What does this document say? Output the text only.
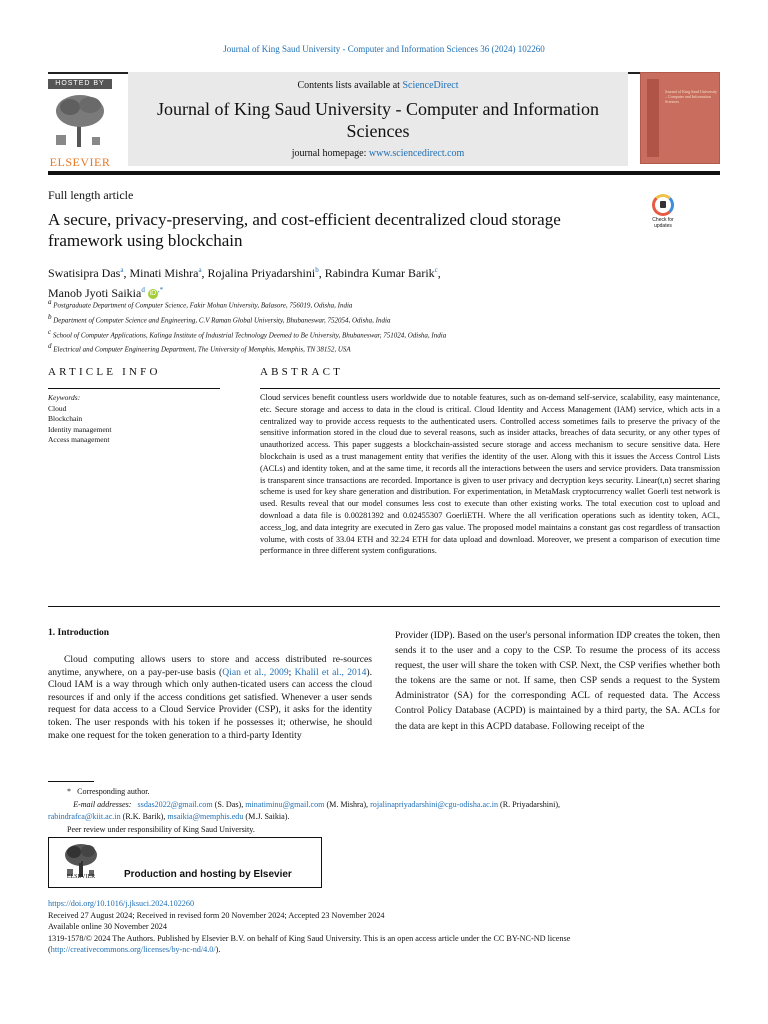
Journal of King Saud University - Computer and Information Sciences 36 (2024) 102260
HOSTED BY
ELSEVIER
Contents lists available at ScienceDirect
Journal of King Saud University - Computer and Information Sciences
journal homepage: www.sciencedirect.com
Journal of King Saud University – Computer and Information Sciences
Full length article
A secure, privacy-preserving, and cost-efficient decentralized cloud storage framework using blockchain
Check for updates
Swatisipra Das$^a$, Minati Mishra$^a$, Rojalina Priyadarshini$^b$, Rabindra Kumar Barik$^c$,
Manob Jyoti Saikia$^d$ iD ,*
$^a$ Postgraduate Department of Computer Science, Fakir Mohan University, Balasore, 756019, Odisha, India
$^b$ Department of Computer Science and Engineering, C.V Raman Global University, Bhubaneswar, 752054, Odisha, India
$^c$ School of Computer Applications, Kalinga Institute of Industrial Technology Deemed to Be University, Bhubaneswar, 751024, Odisha, India
$^d$ Electrical and Computer Engineering Department, The University of Memphis, Memphis, TN 38152, USA
ARTICLE INFO	ABSTRACT
Keywords:
Cloud
Blockchain
Identity management
Access management
Cloud services benefit countless users worldwide due to notable features, such as on-demand self-service, scalability, easy maintenance, etc. Secure storage and access to data in the cloud is critical. Cloud Identity and Access Management (IAM) service, which acts in a centralized way to provide access requests to the authenticated users. Controlled access sometimes fails to preserve the privacy of the sensitive information stored in the cloud due to several reasons, such as insider attacks, breaches of data security, or any other types of unauthorized access. This paper suggests a blockchain-assisted secure storage and access mechanism to secure sensitive data. Here blockchain is used as a trust management entity that verifies the identity of the user. Along with this it issues the Access Control Lists (ACLs) and identity token, and at the same time, it records all the interactions between the users and service providers. Data transmission is transparent since transactions are recorded. Importance is given to user privacy and decryption keys security. Linear(t,n) secret sharing scheme is used for key share generation and distribution. For experimentation, in MetaMask cryptocurrency wallet Goerli test network is used. Results reveal that our model consumes less cost to execute than other existing works. The total execution cost to upload and download a data file is 0.00281392 and 0.02455307 GoerliETH. Where the all verification operations such as identity token, ACL, access_log, and data integrity are executed in Zero gas value. The proposed model maintains a constant gas cost regardless of transaction volume, with costs of 33.04 ETH and 32.24 ETH for data upload and download. Moreover, we present a comparison of execution time performance in three different system configurations.
1. Introduction

Cloud computing allows users to store and access distributed re-sources anytime, anywhere, on a pay-per-use basis (Qian et al., 2009; Khalil et al., 2014). Cloud IAM is a way through which only authen-ticated users can access the cloud resources if and only if the access conditions get satisfied. Whenever a user sends request for data access to a Cloud Service Provider (CSP), it asks for the identity token. The user responds with his token if he possesses it; otherwise, he should make one request for the token generation to a third-party Identity

Provider (IDP). Based on the user's personal information IDP creates the token, then sends it to the user and a copy to the CSP. To resume the process of its access request, the user will share the token with CSP. Next, the CSP verifies whether both the tokens are the same or not. If same, then CSP sends a request to the System Administrator (SA) for the corresponding ACL of requested data. The Access Control Policy Database (ACPD) is maintained by a third party, the SA. ACLs for the data are kept in this ACPD database. Following receipt of the
* Corresponding author.
E-mail addresses: ssdas2022@gmail.com (S. Das), minatiminu@gmail.com (M. Mishra), rojalinapriyadarshini@cgu-odisha.ac.in (R. Priyadarshini),
rabindrafca@kiit.ac.in (R.K. Barik), msaikia@memphis.edu (M.J. Saikia).
Peer review under responsibility of King Saud University.
ELSEVIER	Production and hosting by Elsevier
https://doi.org/10.1016/j.jksuci.2024.102260
Received 27 August 2024; Received in revised form 20 November 2024; Accepted 23 November 2024
Available online 30 November 2024
1319-1578/© 2024 The Authors. Published by Elsevier B.V. on behalf of King Saud University. This is an open access article under the CC BY-NC-ND license
(http://creativecommons.org/licenses/by-nc-nd/4.0/).
